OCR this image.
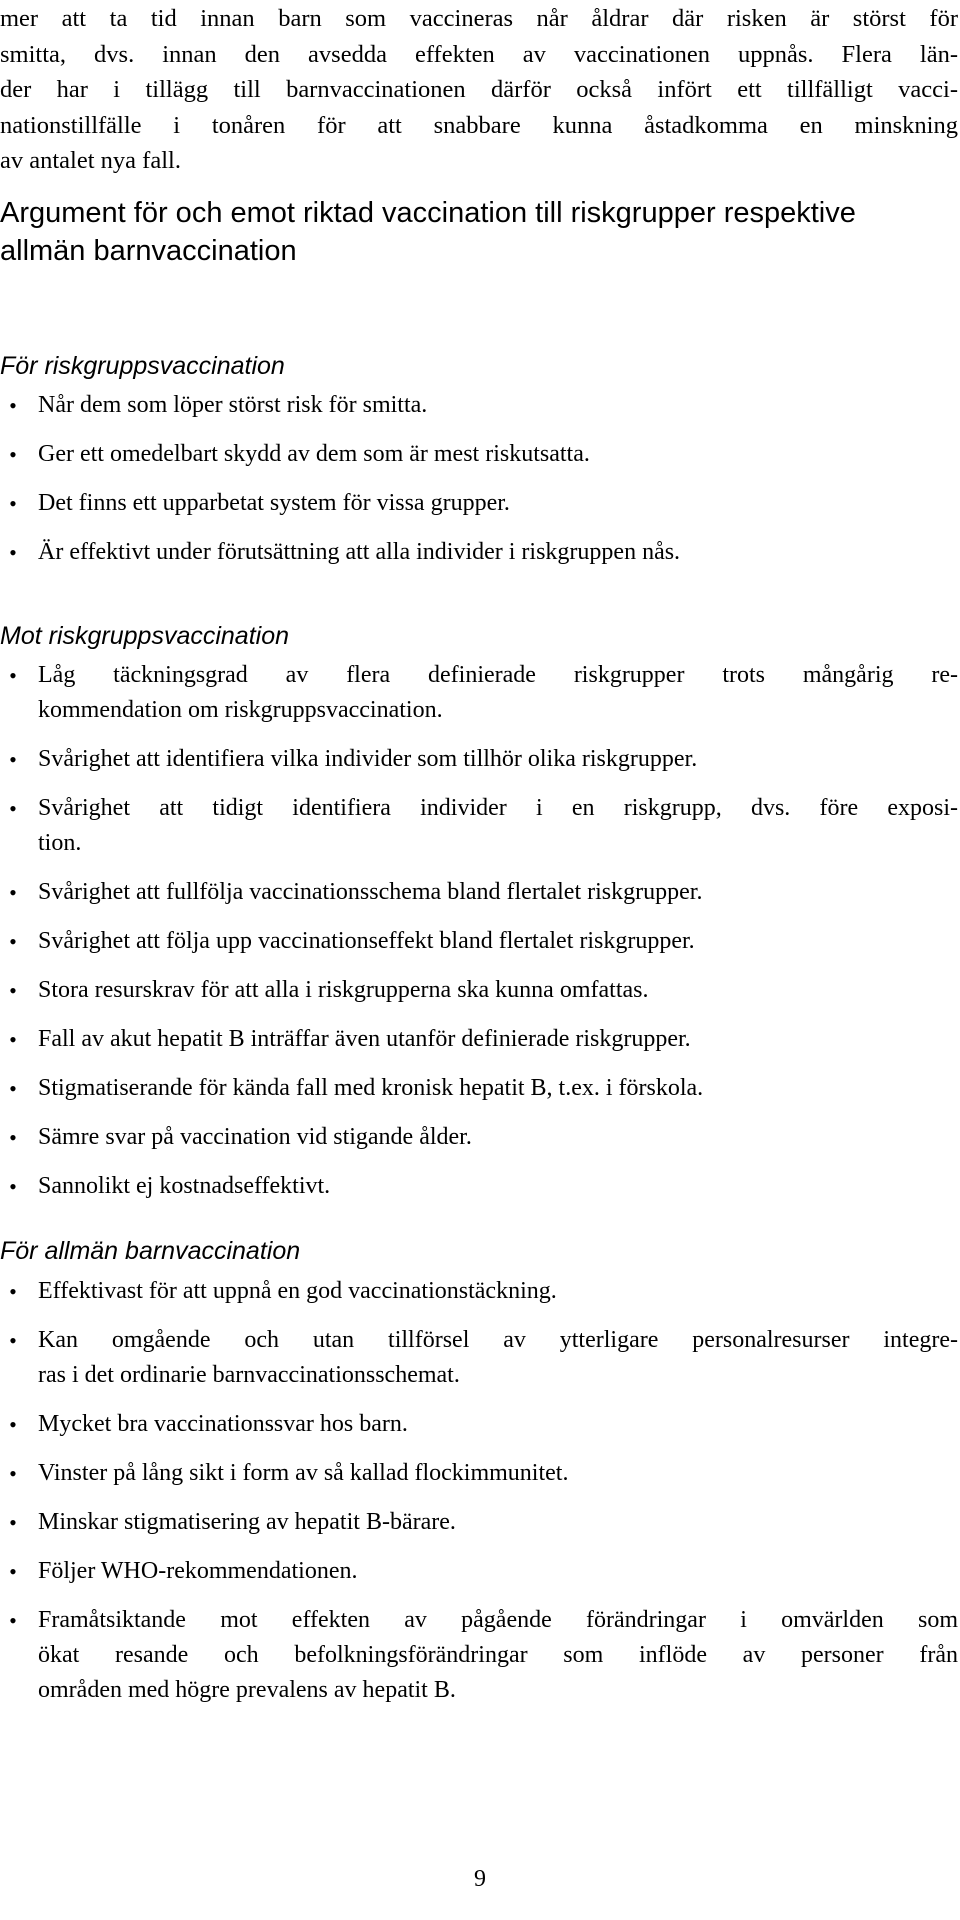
mer att ta tid innan barn som vaccineras når åldrar där risken är störst för
smitta, dvs. innan den avsedda effekten av vaccinationen uppnås. Flera län-
der har i tillägg till barnvaccinationen därför också infört ett tillfälligt vacci-
nationstillfälle i tonåren för att snabbare kunna åstadkomma en minskning
av antalet nya fall.

Argument för och emot riktad vaccination till riskgrupper respektive allmän barnvaccination
För riskgruppsvaccination
• Når dem som löper störst risk för smitta.
• Ger ett omedelbart skydd av dem som är mest riskutsatta.
• Det finns ett upparbetat system för vissa grupper.
• Är effektivt under förutsättning att alla individer i riskgruppen nås.
Mot riskgruppsvaccination
• Låg täckningsgrad av flera definierade riskgrupper trots mångårig re-
kommendation om riskgruppsvaccination.
• Svårighet att identifiera vilka individer som tillhör olika riskgrupper.
• Svårighet att tidigt identifiera individer i en riskgrupp, dvs. före exposi-
tion.
• Svårighet att fullfölja vaccinationsschema bland flertalet riskgrupper.
• Svårighet att följa upp vaccinationseffekt bland flertalet riskgrupper.
• Stora resurskrav för att alla i riskgrupperna ska kunna omfattas.
• Fall av akut hepatit B inträffar även utanför definierade riskgrupper.
• Stigmatiserande för kända fall med kronisk hepatit B, t.ex. i förskola.
• Sämre svar på vaccination vid stigande ålder.
• Sannolikt ej kostnadseffektivt.
För allmän barnvaccination
• Effektivast för att uppnå en god vaccinationstäckning.
• Kan omgående och utan tillförsel av ytterligare personalresurser integre-
ras i det ordinarie barnvaccinationsschemat.
• Mycket bra vaccinationssvar hos barn.
• Vinster på lång sikt i form av så kallad flockimmunitet.
• Minskar stigmatisering av hepatit B-bärare.
• Följer WHO-rekommendationen.
• Framåtsiktande mot effekten av pågående förändringar i omvärlden som
ökat resande och befolkningsförändringar som inflöde av personer från
områden med högre prevalens av hepatit B.
9
